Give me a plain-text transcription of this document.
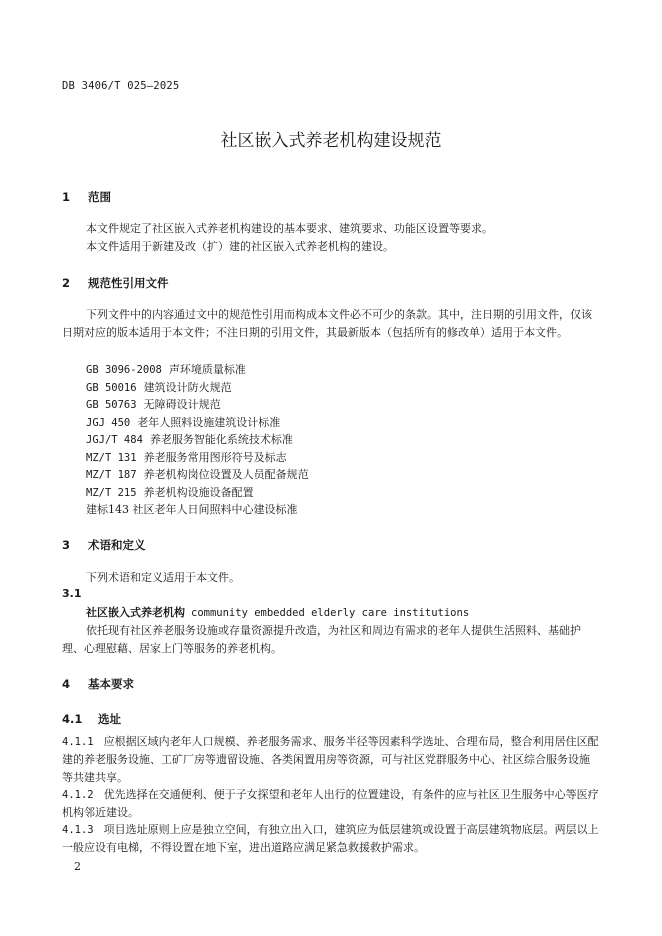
DB 3406/T 025—2025
社区嵌入式养老机构建设规范
1 范围
本文件规定了社区嵌入式养老机构建设的基本要求、建筑要求、功能区设置等要求。
本文件适用于新建及改（扩）建的社区嵌入式养老机构的建设。
2 规范性引用文件
下列文件中的内容通过文中的规范性引用而构成本文件必不可少的条款。其中，注日期的引用文件，仅该日期对应的版本适用于本文件；不注日期的引用文件，其最新版本（包括所有的修改单）适用于本文件。
GB 3096-2008 声环境质量标准
GB 50016 建筑设计防火规范
GB 50763 无障碍设计规范
JGJ 450 老年人照料设施建筑设计标准
JGJ/T 484 养老服务智能化系统技术标准
MZ/T 131 养老服务常用图形符号及标志
MZ/T 187 养老机构岗位设置及人员配备规范
MZ/T 215 养老机构设施设备配置
建标143 社区老年人日间照料中心建设标准
3 术语和定义
下列术语和定义适用于本文件。
3.1
社区嵌入式养老机构 community embedded elderly care institutions
依托现有社区养老服务设施或存量资源提升改造，为社区和周边有需求的老年人提供生活照料、基础护理、心理慰藉、居家上门等服务的养老机构。
4 基本要求
4.1 选址
4.1.1 应根据区域内老年人口规模、养老服务需求、服务半径等因素科学选址、合理布局，整合利用居住区配建的养老服务设施、工矿厂房等遗留设施、各类闲置用房等资源，可与社区党群服务中心、社区综合服务设施等共建共享。
4.1.2 优先选择在交通便利、便于子女探望和老年人出行的位置建设，有条件的应与社区卫生服务中心等医疗机构邻近建设。
4.1.3 项目选址原则上应是独立空间，有独立出入口，建筑应为低层建筑或设置于高层建筑物底层。两层以上一般应设有电梯，不得设置在地下室，进出道路应满足紧急救援救护需求。
2
